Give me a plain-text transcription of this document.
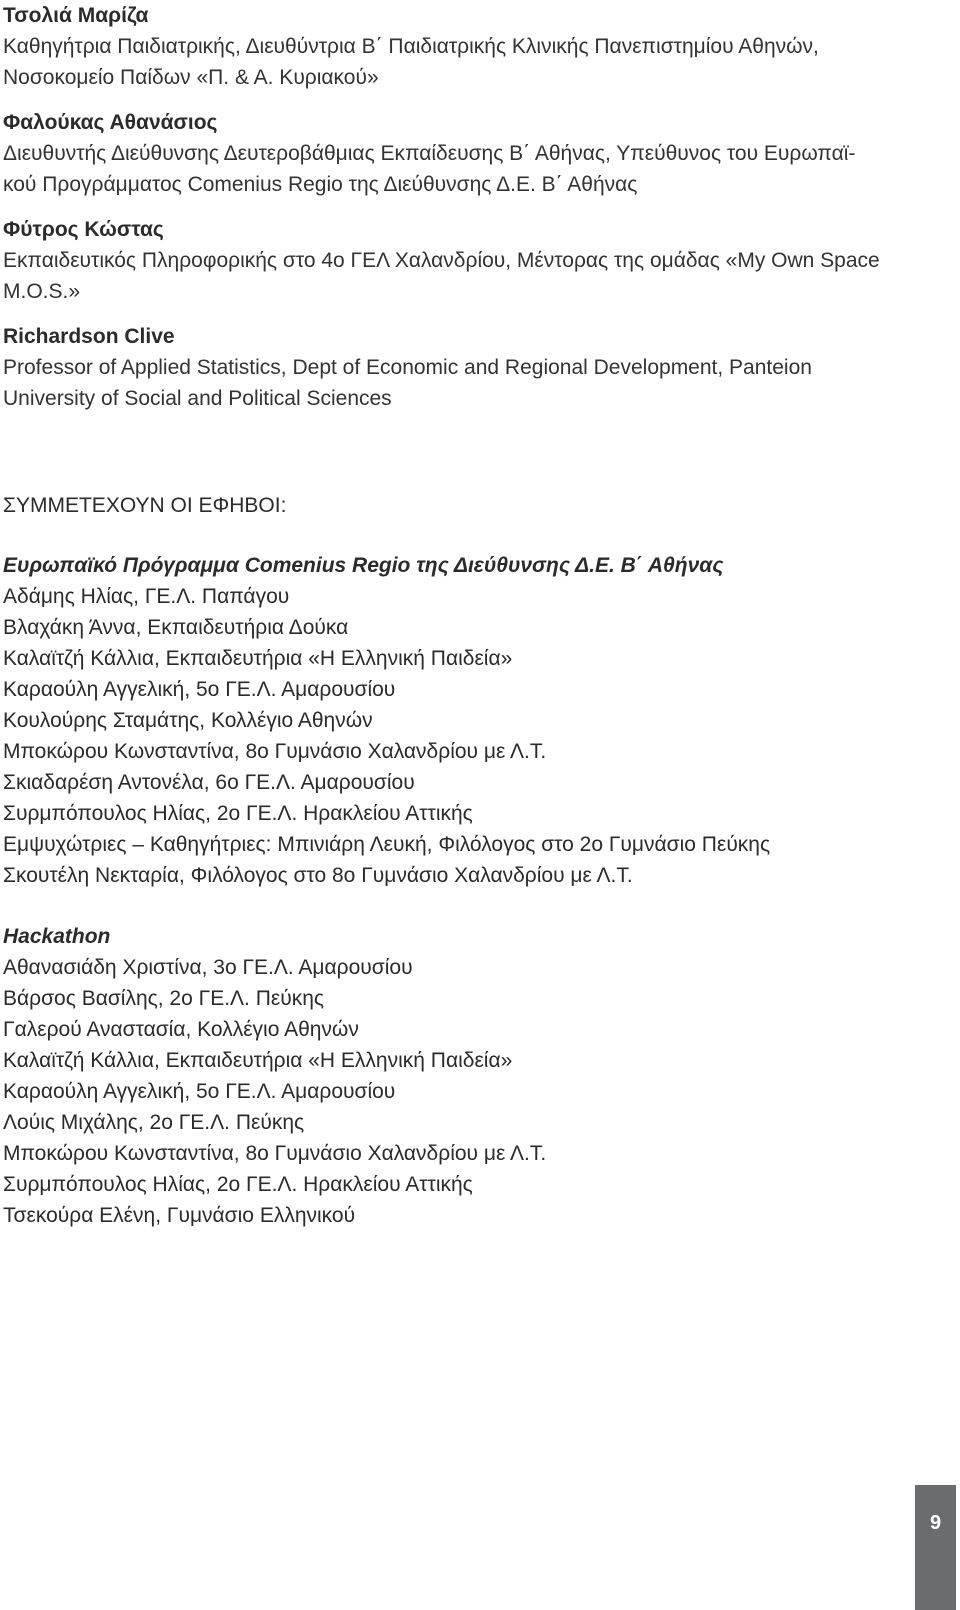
Τσολιά Μαρίζα
Καθηγήτρια Παιδιατρικής, Διευθύντρια Β΄ Παιδιατρικής Κλινικής Πανεπιστημίου Αθηνών,
Νοσοκομείο Παίδων «Π. & Α. Κυριακού»
Φαλούκας Αθανάσιος
Διευθυντής Διεύθυνσης Δευτεροβάθμιας Εκπαίδευσης Β΄ Αθήνας, Υπεύθυνος του Ευρωπαϊ-
κού Προγράμματος Comenius Regio της Διεύθυνσης Δ.Ε. Β΄ Αθήνας
Φύτρος Κώστας
Εκπαιδευτικός Πληροφορικής στο 4ο ΓΕΛ Χαλανδρίου, Μέντορας της ομάδας «My Own Space
M.O.S.»
Richardson Clive
Professor of Applied Statistics, Dept of Economic and Regional Development, Panteion
University of Social and Political Sciences
ΣΥΜΜΕΤΕΧΟΥΝ ΟΙ ΕΦΗΒΟΙ:
Ευρωπαϊκό Πρόγραμμα Comenius Regio της Διεύθυνσης Δ.Ε. Β΄ Αθήνας
Αδάμης Ηλίας, ΓΕ.Λ. Παπάγου
Βλαχάκη Άννα, Εκπαιδευτήρια Δούκα
Καλαϊτζή Κάλλια, Εκπαιδευτήρια «Η Ελληνική Παιδεία»
Καραούλη Αγγελική, 5ο ΓΕ.Λ. Αμαρουσίου
Κουλούρης Σταμάτης, Κολλέγιο Αθηνών
Μποκώρου Κωνσταντίνα, 8ο Γυμνάσιο Χαλανδρίου με Λ.Τ.
Σκιαδαρέση Αντονέλα, 6ο ΓΕ.Λ. Αμαρουσίου
Συρμπόπουλος Ηλίας, 2ο ΓΕ.Λ. Ηρακλείου Αττικής
Εμψυχώτριες – Καθηγήτριες: Μπινιάρη Λευκή, Φιλόλογος στο 2ο Γυμνάσιο Πεύκης
Σκουτέλη Νεκταρία, Φιλόλογος στο 8ο Γυμνάσιο Χαλανδρίου με Λ.Τ.
Hackathon
Αθανασιάδη Χριστίνα, 3ο ΓΕ.Λ. Αμαρουσίου
Βάρσος Βασίλης, 2ο ΓΕ.Λ. Πεύκης
Γαλερού Αναστασία, Κολλέγιο Αθηνών
Καλαϊτζή Κάλλια, Εκπαιδευτήρια «Η Ελληνική Παιδεία»
Καραούλη Αγγελική, 5ο ΓΕ.Λ. Αμαρουσίου
Λούις Μιχάλης, 2ο ΓΕ.Λ. Πεύκης
Μποκώρου Κωνσταντίνα, 8ο Γυμνάσιο Χαλανδρίου με Λ.Τ.
Συρμπόπουλος Ηλίας, 2ο ΓΕ.Λ. Ηρακλείου Αττικής
Τσεκούρα Ελένη, Γυμνάσιο Ελληνικού
9
